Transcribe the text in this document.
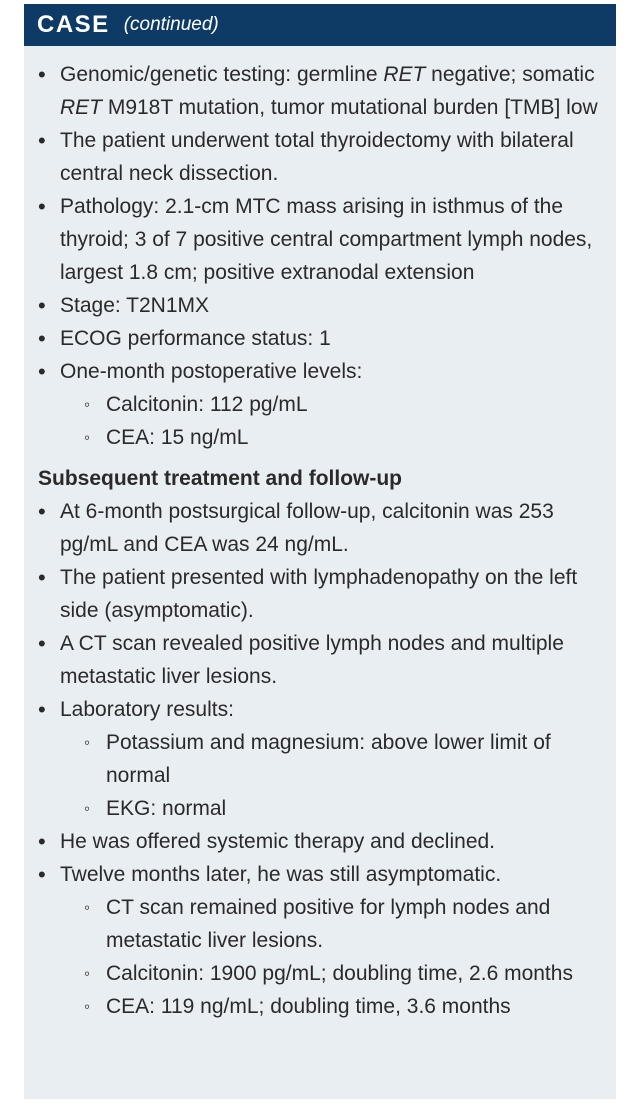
CASE (continued)
• Genomic/genetic testing: germline RET negative; somatic RET M918T mutation, tumor mutational burden [TMB] low
• The patient underwent total thyroidectomy with bilateral central neck dissection.
• Pathology: 2.1-cm MTC mass arising in isthmus of the thyroid; 3 of 7 positive central compartment lymph nodes, largest 1.8 cm; positive extranodal extension
• Stage: T2N1MX
• ECOG performance status: 1
• One-month postoperative levels:
◦ Calcitonin: 112 pg/mL
◦ CEA: 15 ng/mL
Subsequent treatment and follow-up
• At 6-month postsurgical follow-up, calcitonin was 253 pg/mL and CEA was 24 ng/mL.
• The patient presented with lymphadenopathy on the left side (asymptomatic).
• A CT scan revealed positive lymph nodes and multiple metastatic liver lesions.
• Laboratory results:
◦ Potassium and magnesium: above lower limit of normal
◦ EKG: normal
• He was offered systemic therapy and declined.
• Twelve months later, he was still asymptomatic.
◦ CT scan remained positive for lymph nodes and metastatic liver lesions.
◦ Calcitonin: 1900 pg/mL; doubling time, 2.6 months
◦ CEA: 119 ng/mL; doubling time, 3.6 months
